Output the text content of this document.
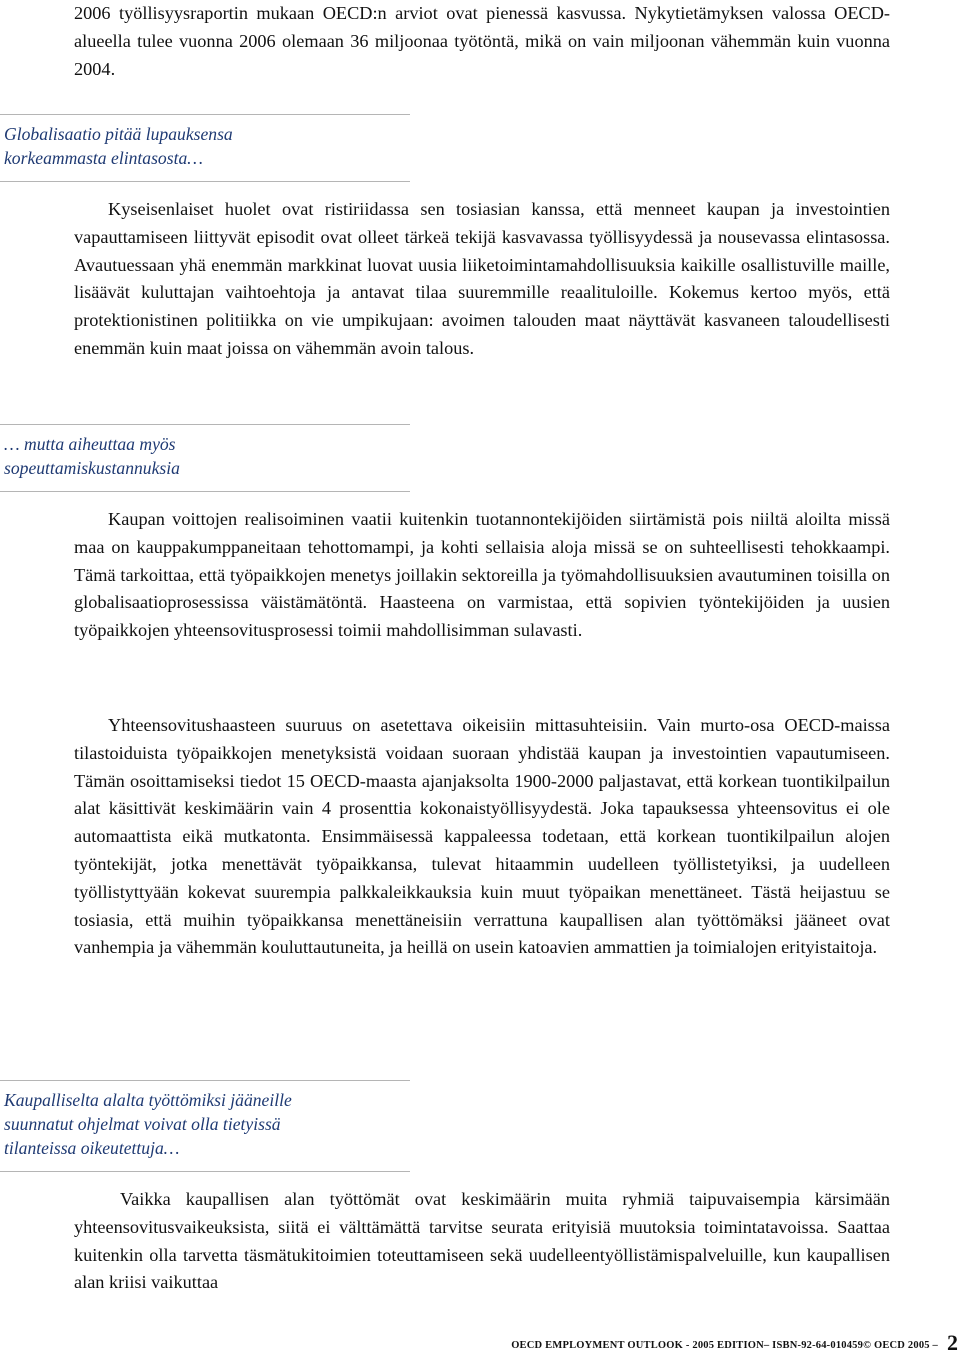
2006 työllisyysraportin mukaan OECD:n arviot ovat pienessä kasvussa. Nykytietämyksen valossa OECD-alueella tulee vuonna 2006 olemaan 36 miljoonaa työtöntä, mikä on vain miljoonan vähemmän kuin vuonna 2004.

Globalisaatio pitää lupauksensa korkeammasta elintasosta…

Kyseisenlaiset huolet ovat ristiriidassa sen tosiasian kanssa, että menneet kaupan ja investointien vapauttamiseen liittyvät episodit ovat olleet tärkeä tekijä kasvavassa työllisyydessä ja nousevassa elintasossa. Avautuessaan yhä enemmän markkinat luovat uusia liiketoimintamahdollisuuksia kaikille osallistuville maille, lisäävät kuluttajan vaihtoehtoja ja antavat tilaa suuremmille reaalituloille. Kokemus kertoo myös, että protektionistinen politiikka on vie umpikujaan: avoimen talouden maat näyttävät kasvaneen taloudellisesti enemmän kuin maat joissa on vähemmän avoin talous.

… mutta aiheuttaa myös sopeuttamiskustannuksia

Kaupan voittojen realisoiminen vaatii kuitenkin tuotannontekijöiden siirtämistä pois niiltä aloilta missä maa on kauppakumppaneitaan tehottomampi, ja kohti sellaisia aloja missä se on suhteellisesti tehokkaampi. Tämä tarkoittaa, että työpaikkojen menetys joillakin sektoreilla ja työmahdollisuuksien avautuminen toisilla on globalisaatioprosessissa väistämätöntä. Haasteena on varmistaa, että sopivien työntekijöiden ja uusien työpaikkojen yhteensovitusprosessi toimii mahdollisimman sulavasti.

Yhteensovitushaasteen suuruus on asetettava oikeisiin mittasuhteisiin. Vain murto-osa OECD-maissa tilastoiduista työpaikkojen menetyksistä voidaan suoraan yhdistää kaupan ja investointien vapautumiseen. Tämän osoittamiseksi tiedot 15 OECD-maasta ajanjaksolta 1900-2000 paljastavat, että korkean tuontikilpailun alat käsittivät keskimäärin vain 4 prosenttia kokonaistyöllisyydestä. Joka tapauksessa yhteensovitus ei ole automaattista eikä mutkatonta. Ensimmäisessä kappaleessa todetaan, että korkean tuontikilpailun alojen työntekijät, jotka menettävät työpaikkansa, tulevat hitaammin uudelleen työllistetyiksi, ja uudelleen työllistyttyään kokevat suurempia palkkaleikkauksia kuin muut työpaikan menettäneet. Tästä heijastuu se tosiasia, että muihin työpaikkansa menettäneisiin verrattuna kaupallisen alan työttömäksi jääneet ovat vanhempia ja vähemmän kouluttautuneita, ja heillä on usein katoavien ammattien ja toimialojen erityistaitoja.

Kaupalliselta alalta työttömiksi jääneille suunnatut ohjelmat voivat olla tietyissä tilanteissa oikeutettuja…

Vaikka kaupallisen alan työttömät ovat keskimäärin muita ryhmiä taipuvaisempia kärsimään yhteensovitusvaikeuksista, siitä ei välttämättä tarvitse seurata erityisiä muutoksia toimintatavoissa. Saattaa kuitenkin olla tarvetta täsmätukitoimien toteuttamiseen sekä uudelleentyöllistämispalveluille, kun kaupallisen alan kriisi vaikuttaa

OECD EMPLOYMENT OUTLOOK - 2005 EDITION– ISBN-92-64-010459© OECD 2005 – 2
